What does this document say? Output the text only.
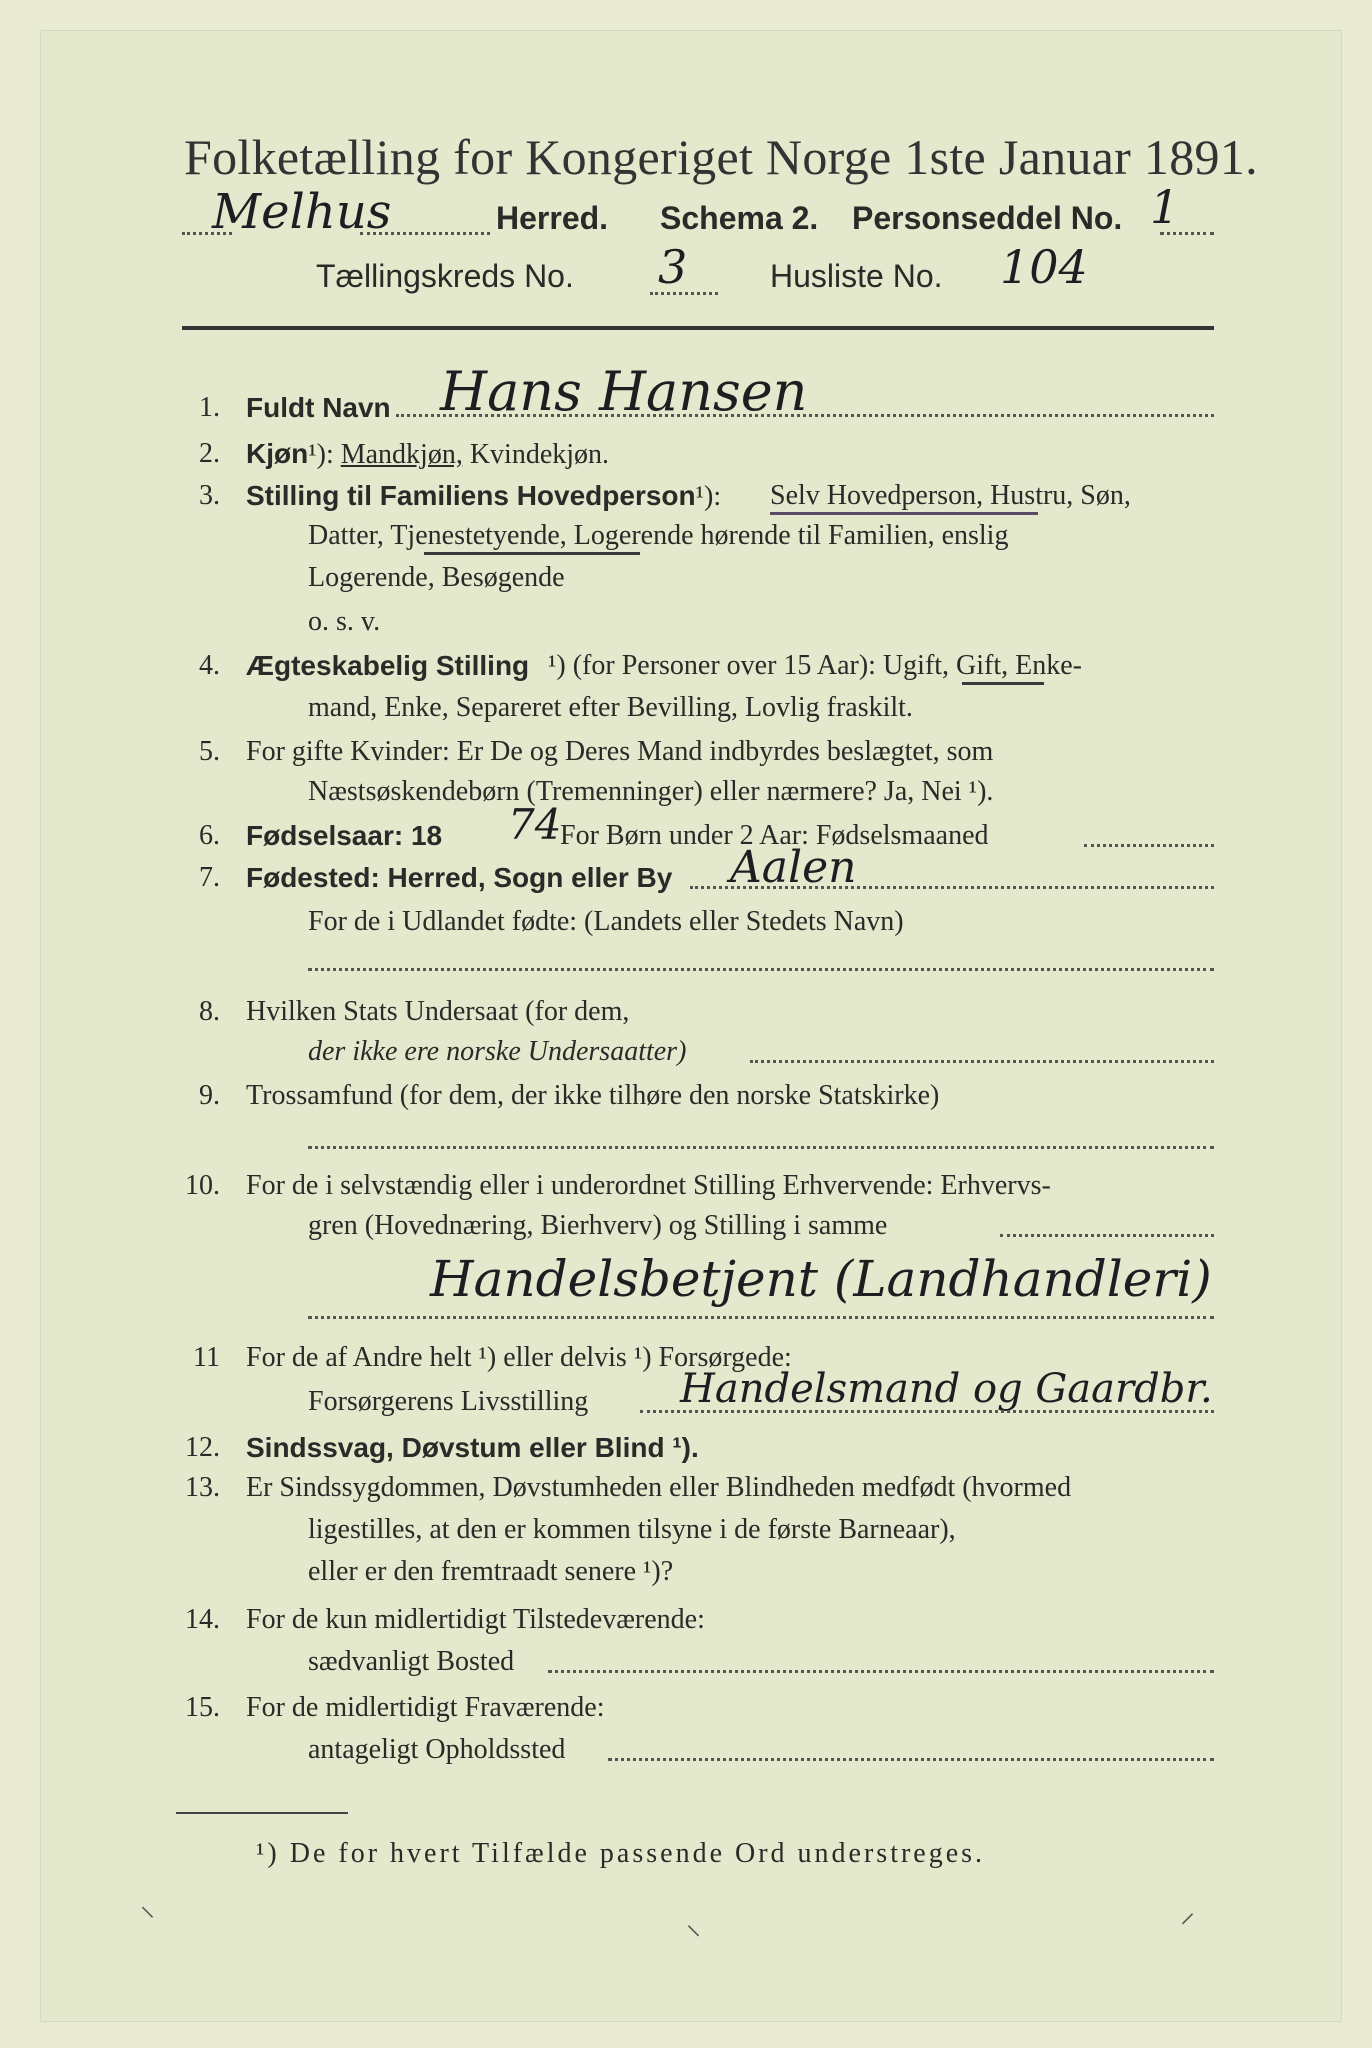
Folketælling for Kongeriget Norge 1ste Januar 1891.
Melhus	Herred. Schema 2. Personseddel No. 1
Tællingskreds No. 3	Husliste No. 104
1. Fuldt Navn Hans Hansen
2. Kjøn¹): Mandkjøn, Kvindekjøn.
3. Stilling til Familiens Hovedperson¹): Selv Hovedperson, Hustru, Søn,
Datter, Tjenestetyende, Logerende hørende til Familien, enslig
Logerende, Besøgende
o. s. v.
4. Ægteskabelig Stilling ¹) (for Personer over 15 Aar): Ugift, Gift, Enke-
mand, Enke, Separeret efter Bevilling, Lovlig fraskilt.
5. For gifte Kvinder: Er De og Deres Mand indbyrdes beslægtet, som
Næstsøskendebørn (Tremenninger) eller nærmere? Ja, Nei ¹).
6. Fødselsaar: 18 74
For Børn under 2 Aar: Fødselsmaaned
7. Fødested: Herred, Sogn eller By Aalen
For de i Udlandet fødte: (Landets eller Stedets Navn)
8. Hvilken Stats Undersaat (for dem,
der ikke ere norske Undersaatter)
9. Trossamfund (for dem, der ikke tilhøre den norske Statskirke)
10. For de i selvstændig eller i underordnet Stilling Erhvervende: Erhvervs-
gren (Hovednæring, Bierhverv) og Stilling i samme
Handelsbetjent (Landhandleri)
11 For de af Andre helt ¹) eller delvis ¹) Forsørgede:
Forsørgerens Livsstilling Handelsmand og Gaardbr.
12. Sindssvag, Døvstum eller Blind ¹).
13. Er Sindssygdommen, Døvstumheden eller Blindheden medfødt (hvormed
ligestilles, at den er kommen tilsyne i de første Barneaar),
eller er den fremtraadt senere ¹)?
14. For de kun midlertidigt Tilstedeværende:
sædvanligt Bosted
15. For de midlertidigt Fraværende:
antageligt Opholdssted
¹) De for hvert Tilfælde passende Ord understreges.
⸌	⸜	⸝
